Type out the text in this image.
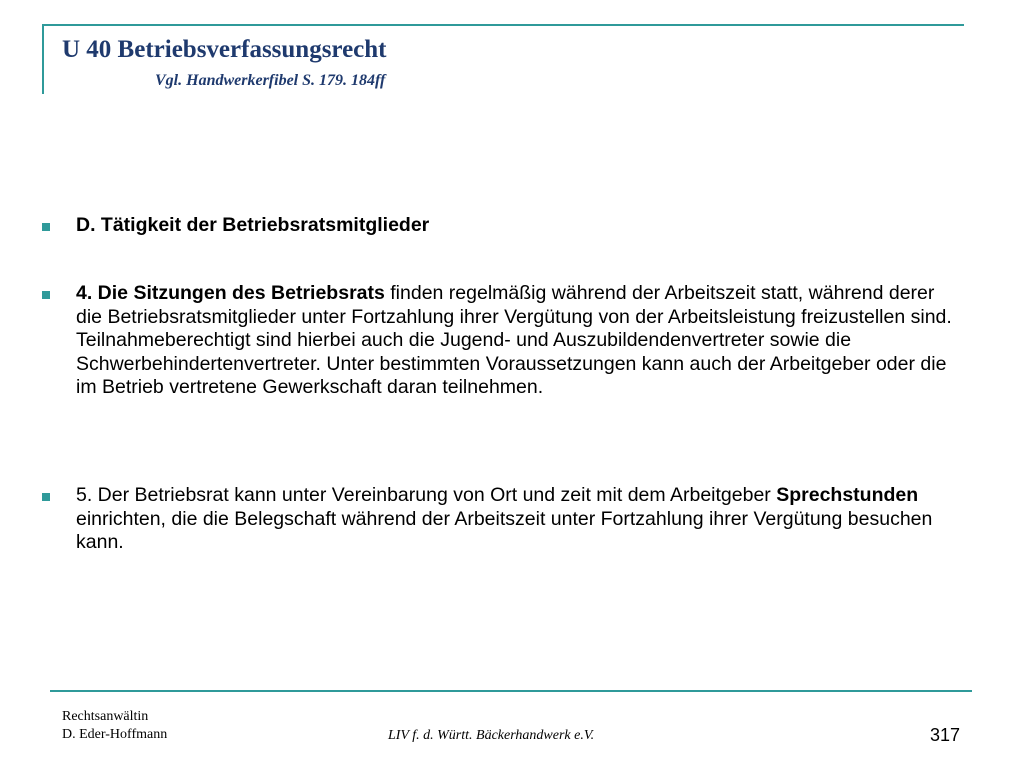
U 40 Betriebsverfassungsrecht

Vgl. Handwerkerfibel S. 179. 184ff

D. Tätigkeit der Betriebsratsmitglieder
4. Die Sitzungen des Betriebsrats finden regelmäßig während der Arbeitszeit statt, während derer die Betriebsratsmitglieder unter Fortzahlung ihrer Vergütung von der Arbeitsleistung freizustellen sind. Teilnahmeberechtigt sind hierbei auch die Jugend- und Auszubildendenvertreter sowie die Schwerbehindertenvertreter. Unter bestimmten Voraussetzungen kann auch der Arbeitgeber oder die im Betrieb vertretene Gewerkschaft daran teilnehmen.
5. Der Betriebsrat kann unter Vereinbarung von Ort und zeit mit dem Arbeitgeber Sprechstunden einrichten, die die Belegschaft während der Arbeitszeit unter Fortzahlung ihrer Vergütung besuchen kann.
Rechtsanwältin
D. Eder-Hoffmann	LIV f. d. Württ. Bäckerhandwerk e.V.	317
